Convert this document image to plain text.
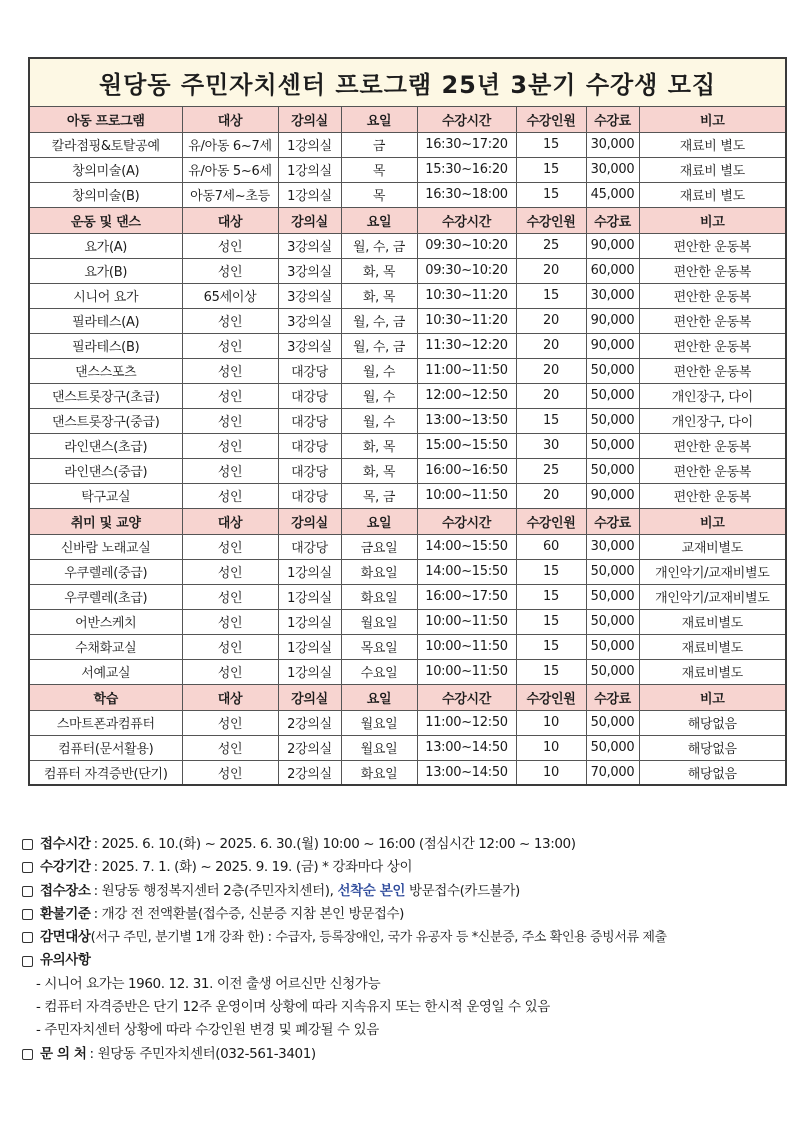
원당동 주민자치센터 프로그램 25년 3분기 수강생 모집							
아동 프로그램	대상	강의실	요일	수강시간	수강인원	수강료	비고
칼라점핑&토탈공예	유/아동 6~7세	1강의실	금	16:30~17:20	15	30,000	재료비 별도
창의미술(A)	유/아동 5~6세	1강의실	목	15:30~16:20	15	30,000	재료비 별도
창의미술(B)	아동7세~초등	1강의실	목	16:30~18:00	15	45,000	재료비 별도
운동 및 댄스	대상	강의실	요일	수강시간	수강인원	수강료	비고
요가(A)	성인	3강의실	월, 수, 금	09:30~10:20	25	90,000	편안한 운동복
요가(B)	성인	3강의실	화, 목	09:30~10:20	20	60,000	편안한 운동복
시니어 요가	65세이상	3강의실	화, 목	10:30~11:20	15	30,000	편안한 운동복
필라테스(A)	성인	3강의실	월, 수, 금	10:30~11:20	20	90,000	편안한 운동복
필라테스(B)	성인	3강의실	월, 수, 금	11:30~12:20	20	90,000	편안한 운동복
댄스스포츠	성인	대강당	월, 수	11:00~11:50	20	50,000	편안한 운동복
댄스트롯장구(초급)	성인	대강당	월, 수	12:00~12:50	20	50,000	개인장구, 다이
댄스트롯장구(중급)	성인	대강당	월, 수	13:00~13:50	15	50,000	개인장구, 다이
라인댄스(초급)	성인	대강당	화, 목	15:00~15:50	30	50,000	편안한 운동복
라인댄스(중급)	성인	대강당	화, 목	16:00~16:50	25	50,000	편안한 운동복
탁구교실	성인	대강당	목, 금	10:00~11:50	20	90,000	편안한 운동복
취미 및 교양	대상	강의실	요일	수강시간	수강인원	수강료	비고
신바람 노래교실	성인	대강당	금요일	14:00~15:50	60	30,000	교재비별도
우쿠렐레(중급)	성인	1강의실	화요일	14:00~15:50	15	50,000	개인악기/교재비별도
우쿠렐레(초급)	성인	1강의실	화요일	16:00~17:50	15	50,000	개인악기/교재비별도
어반스케치	성인	1강의실	월요일	10:00~11:50	15	50,000	재료비별도
수채화교실	성인	1강의실	목요일	10:00~11:50	15	50,000	재료비별도
서예교실	성인	1강의실	수요일	10:00~11:50	15	50,000	재료비별도
학습	대상	강의실	요일	수강시간	수강인원	수강료	비고
스마트폰과컴퓨터	성인	2강의실	월요일	11:00~12:50	10	50,000	해당없음
컴퓨터(문서활용)	성인	2강의실	월요일	13:00~14:50	10	50,000	해당없음
컴퓨터 자격증반(단기)	성인	2강의실	화요일	13:00~14:50	10	70,000	해당없음
접수시간 : 2025. 6. 10.(화) ~ 2025. 6. 30.(월) 10:00 ~ 16:00 (점심시간 12:00 ~ 13:00)
수강기간 : 2025. 7. 1. (화) ~ 2025. 9. 19. (금) * 강좌마다 상이
접수장소 : 원당동 행정복지센터 2층(주민자치센터), 선착순 본인 방문접수(카드불가)
환불기준 : 개강 전 전액환불(접수증, 신분증 지참 본인 방문접수)
감면대상 (서구 주민, 분기별 1개 강좌 한) : 수급자, 등록장애인, 국가 유공자 등 *신분증, 주소 확인용 증빙서류 제출
유의사항
- 시니어 요가는 1960. 12. 31. 이전 출생 어르신만 신청가능
- 컴퓨터 자격증반은 단기 12주 운영이며 상황에 따라 지속유지 또는 한시적 운영일 수 있음
- 주민자치센터 상황에 따라 수강인원 변경 및 폐강될 수 있음
문 의 처 : 원당동 주민자치센터(032-561-3401)
